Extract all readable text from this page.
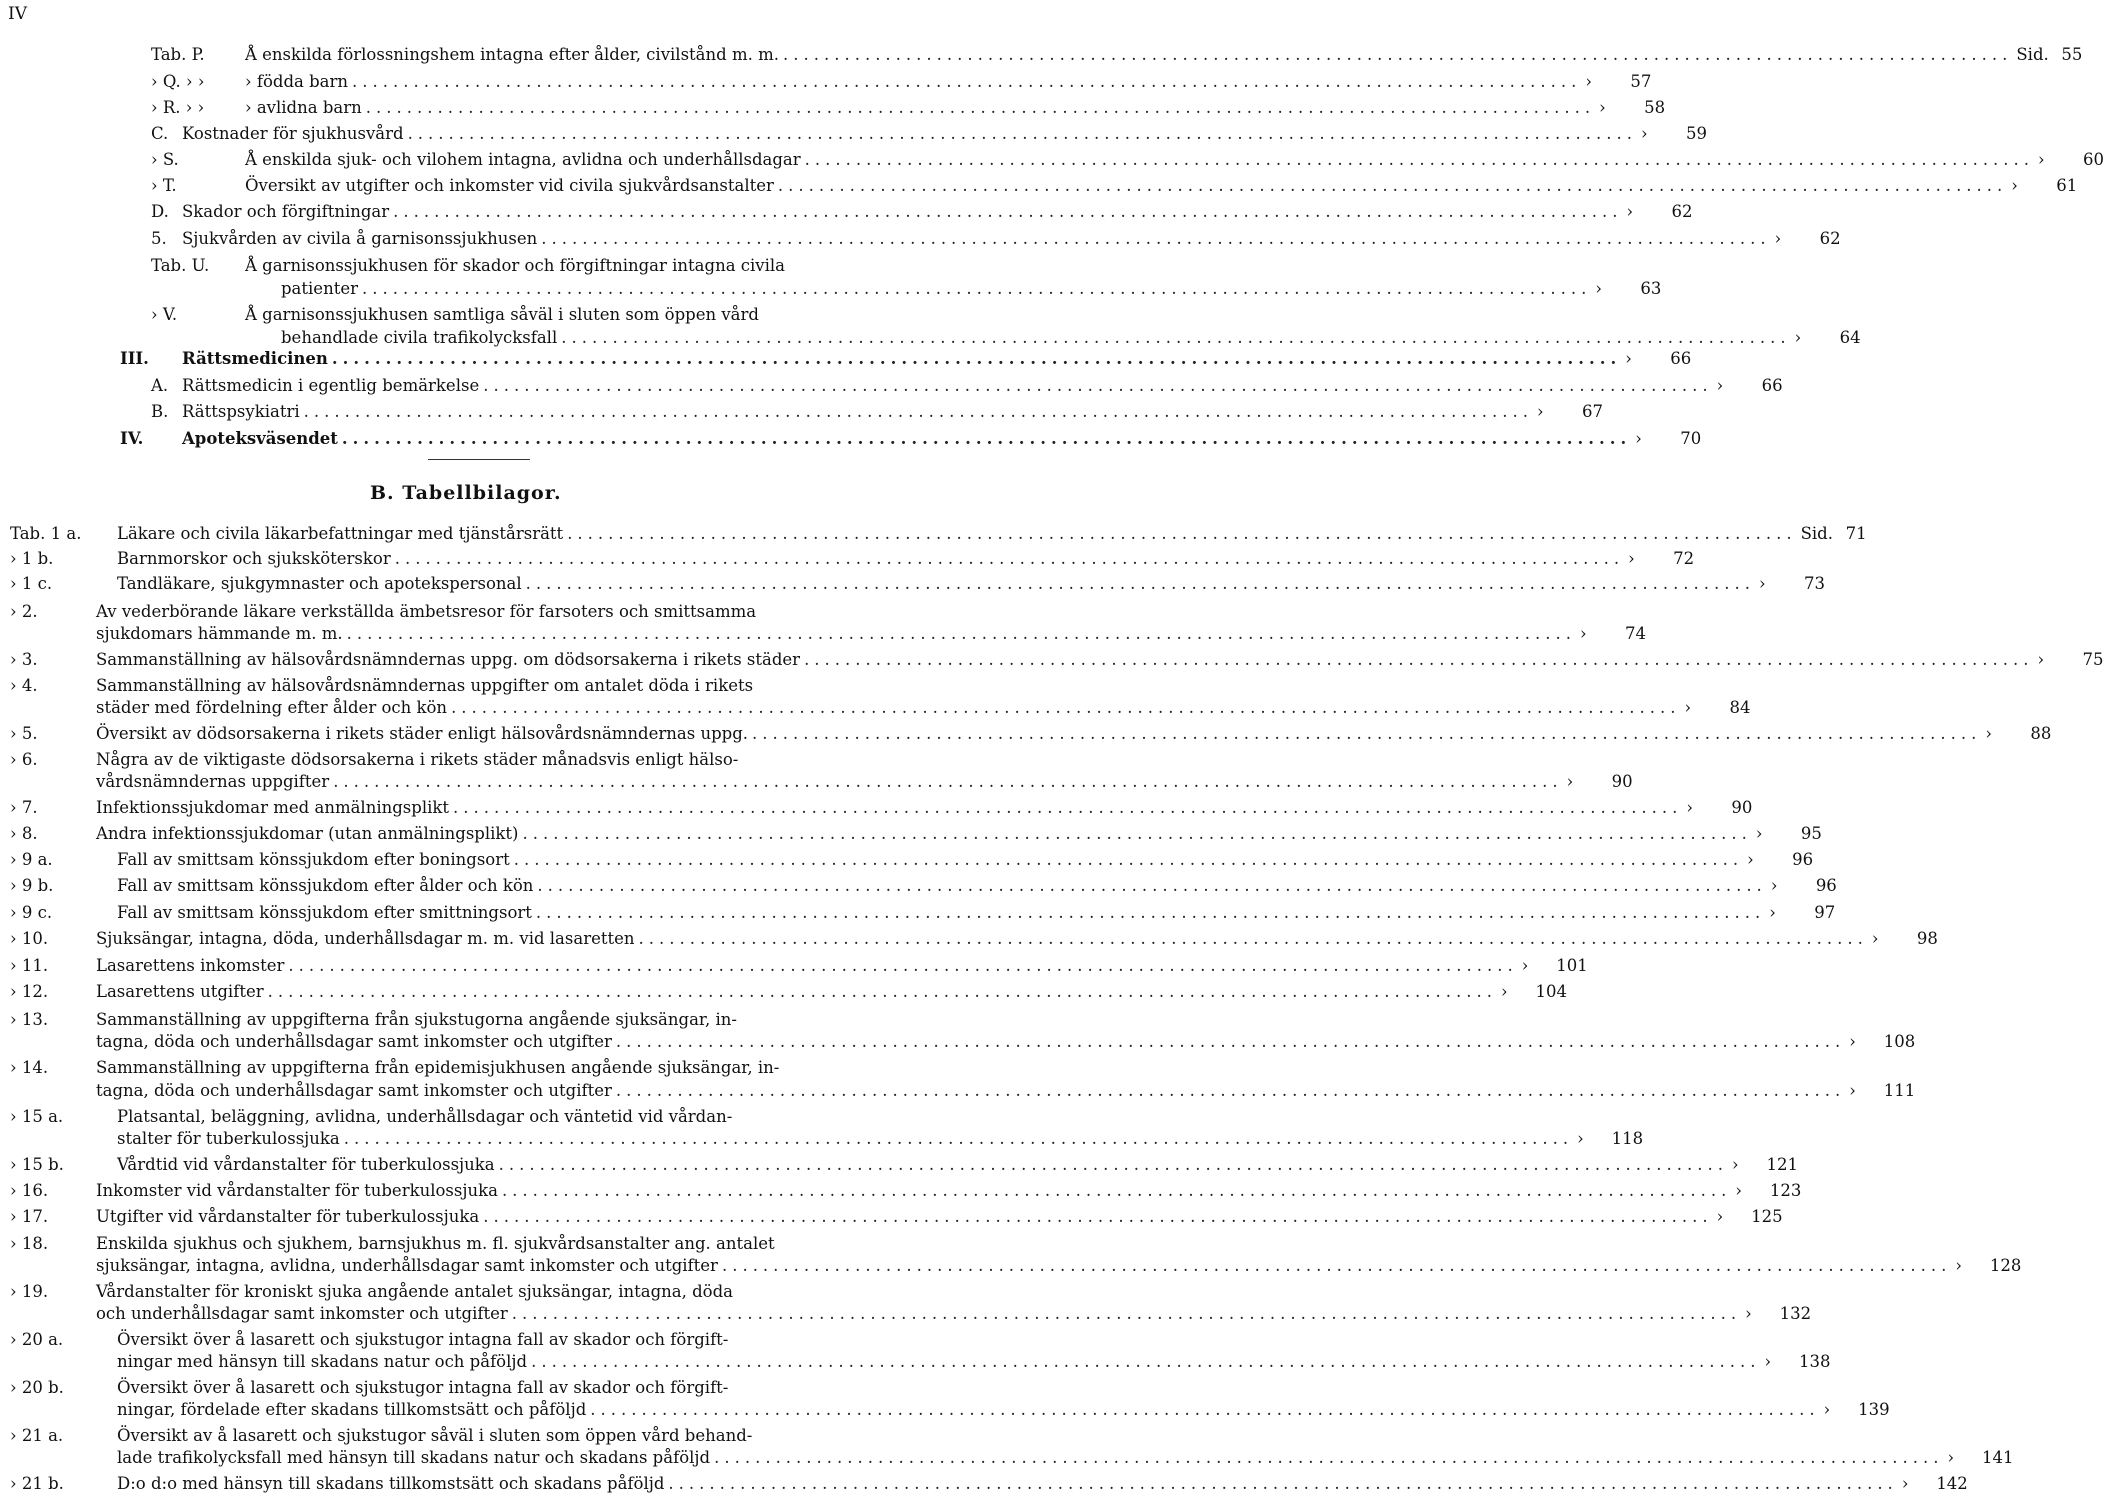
IV
Tab. P. Å enskilda förlossningshem intagna efter ålder, civilstånd m. m. ........................................................................................................................ Sid. 55
› Q. › › › födda barn ........................................................................................................................ ›	57
› R. › › › avlidna barn ........................................................................................................................ ›	58
C. Kostnader för sjukhusvård ........................................................................................................................ ›	59
› S.	Å enskilda sjuk- och vilohem intagna, avlidna och underhållsdagar ........................................................................................................................ ›	60
› T.	Översikt av utgifter och inkomster vid civila sjukvårdsanstalter ........................................................................................................................ ›	61
D. Skador och förgiftningar ........................................................................................................................ ›	62
5. Sjukvården av civila å garnisonssjukhusen ........................................................................................................................ ›	62
Tab. U. Å garnisonssjukhusen för skador och förgiftningar intagna civila
patienter ........................................................................................................................ ›	63
› V.	Å garnisonssjukhusen samtliga såväl i sluten som öppen vård
behandlade civila trafikolycksfall ........................................................................................................................ ›	64
III. Rättsmedicinen ........................................................................................................................ ›	66
A. Rättsmedicin i egentlig bemärkelse ........................................................................................................................ ›	66
B. Rättspsykiatri ........................................................................................................................ ›	67
IV. Apoteksväsendet ........................................................................................................................ ›	70
B. Tabellbilagor.
Tab. 1 a. Läkare och civila läkarbefattningar med tjänstårsrätt ........................................................................................................................ Sid. 71
› 1 b.	Barnmorskor och sjuksköterskor ........................................................................................................................ ›	72
› 1 c.	Tandläkare, sjukgymnaster och apotekspersonal ........................................................................................................................ ›	73
› 2.	Av vederbörande läkare verkställda ämbetsresor för farsoters och smittsamma
sjukdomars hämmande m. m. ........................................................................................................................ ›	74
› 3.	Sammanställning av hälsovårdsnämndernas uppg. om dödsorsakerna i rikets städer ........................................................................................................................ ›	75
› 4.	Sammanställning av hälsovårdsnämndernas uppgifter om antalet döda i rikets
städer med fördelning efter ålder och kön ........................................................................................................................ ›	84
› 5.	Översikt av dödsorsakerna i rikets städer enligt hälsovårdsnämndernas uppg. ........................................................................................................................ ›	88
› 6.	Några av de viktigaste dödsorsakerna i rikets städer månadsvis enligt hälso-
vårdsnämndernas uppgifter ........................................................................................................................ ›	90
› 7.	Infektionssjukdomar med anmälningsplikt ........................................................................................................................ ›	90
› 8.	Andra infektionssjukdomar (utan anmälningsplikt) ........................................................................................................................ ›	95
› 9 a.	Fall av smittsam könssjukdom efter boningsort ........................................................................................................................ ›	96
› 9 b.	Fall av smittsam könssjukdom efter ålder och kön ........................................................................................................................ ›	96
› 9 c.	Fall av smittsam könssjukdom efter smittningsort ........................................................................................................................ ›	97
› 10.	Sjuksängar, intagna, döda, underhållsdagar m. m. vid lasaretten ........................................................................................................................ ›	98
› 11.	Lasarettens inkomster ........................................................................................................................ › 101
› 12.	Lasarettens utgifter ........................................................................................................................ › 104
› 13.	Sammanställning av uppgifterna från sjukstugorna angående sjuksängar, in-
tagna, döda och underhållsdagar samt inkomster och utgifter ........................................................................................................................ › 108
› 14.	Sammanställning av uppgifterna från epidemisjukhusen angående sjuksängar, in-
tagna, döda och underhållsdagar samt inkomster och utgifter ........................................................................................................................ › 111
› 15 a.	Platsantal, beläggning, avlidna, underhållsdagar och väntetid vid vårdan-
stalter för tuberkulossjuka ........................................................................................................................ › 118
› 15 b.	Vårdtid vid vårdanstalter för tuberkulossjuka ........................................................................................................................ › 121
› 16.	Inkomster vid vårdanstalter för tuberkulossjuka ........................................................................................................................ › 123
› 17.	Utgifter vid vårdanstalter för tuberkulossjuka ........................................................................................................................ › 125
› 18.	Enskilda sjukhus och sjukhem, barnsjukhus m. fl. sjukvårdsanstalter ang. antalet
sjuksängar, intagna, avlidna, underhållsdagar samt inkomster och utgifter ........................................................................................................................ › 128
› 19.	Vårdanstalter för kroniskt sjuka angående antalet sjuksängar, intagna, döda
och underhållsdagar samt inkomster och utgifter ........................................................................................................................ › 132
› 20 a.	Översikt över å lasarett och sjukstugor intagna fall av skador och förgift-
ningar med hänsyn till skadans natur och påföljd ........................................................................................................................ › 138
› 20 b.	Översikt över å lasarett och sjukstugor intagna fall av skador och förgift-
ningar, fördelade efter skadans tillkomstsätt och påföljd ........................................................................................................................ › 139
› 21 a.	Översikt av å lasarett och sjukstugor såväl i sluten som öppen vård behand-
lade trafikolycksfall med hänsyn till skadans natur och skadans påföljd ........................................................................................................................ › 141
› 21 b.	D:o d:o med hänsyn till skadans tillkomstsätt och skadans påföljd ........................................................................................................................ › 142
